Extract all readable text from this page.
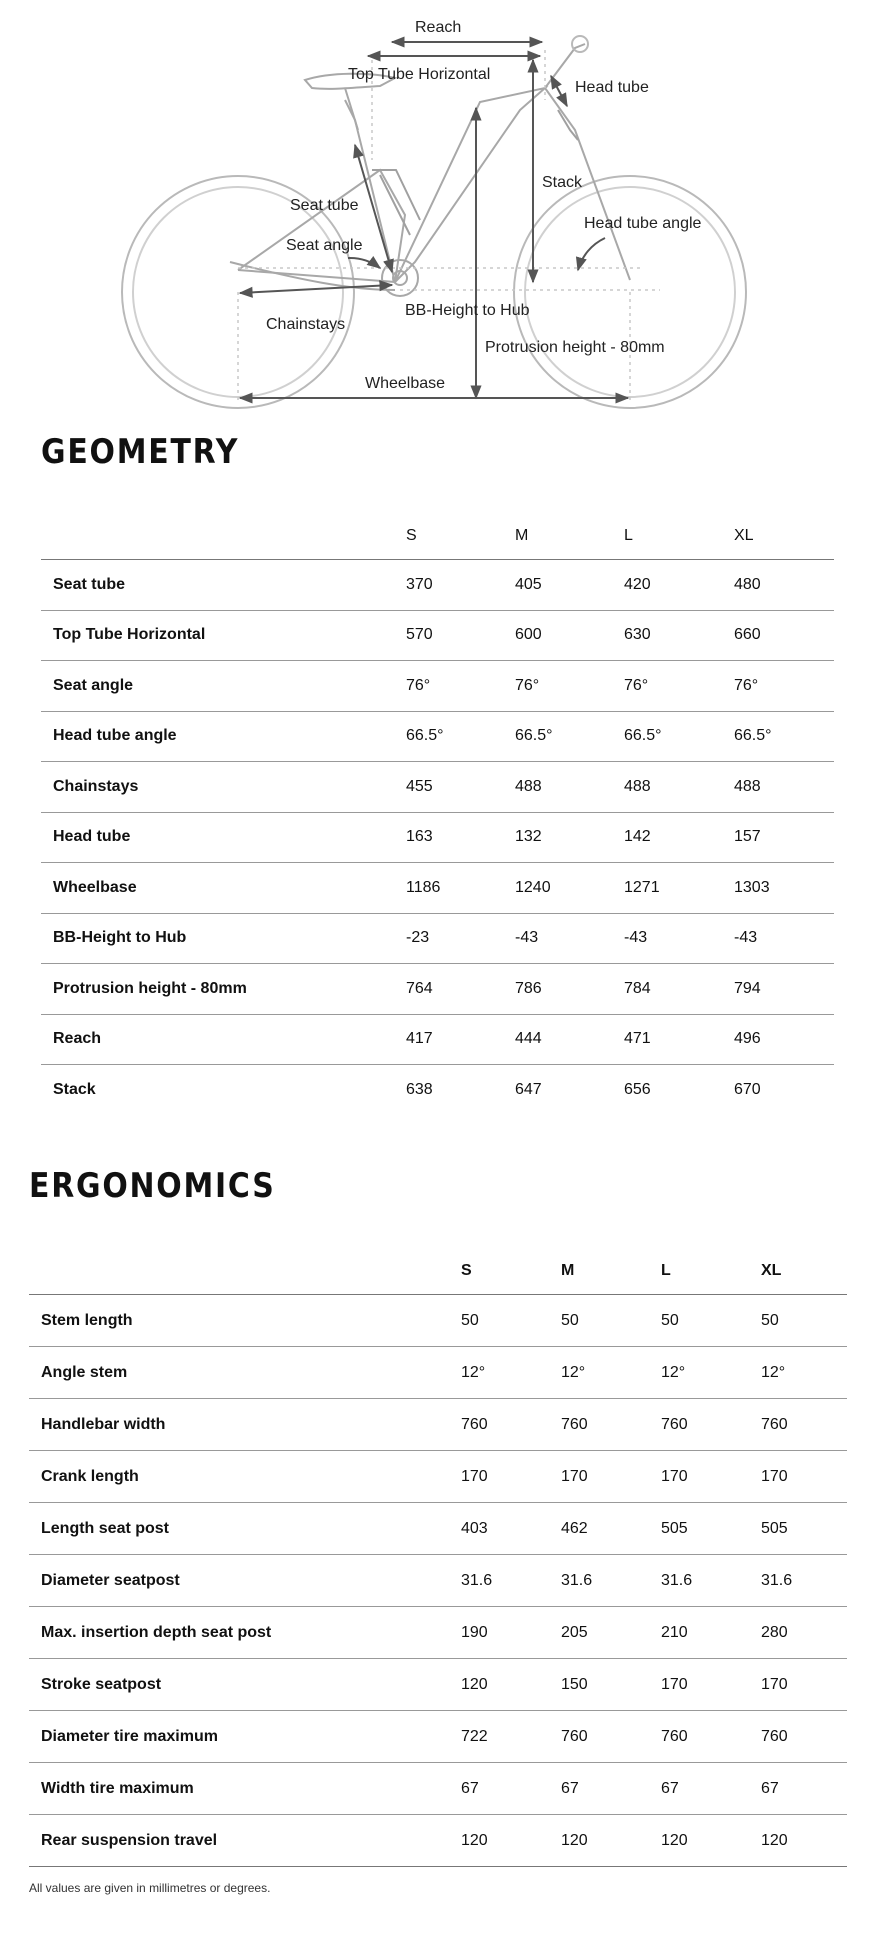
Reach
Top Tube Horizontal
Head tube
Stack
Seat tube
Seat angle
Head tube angle
Chainstays
BB-Height to Hub
Protrusion height - 80mm
Wheelbase
GEOMETRY
	S	M	L	XL
Seat tube	370	405	420	480
Top Tube Horizontal	570	600	630	660
Seat angle	76°	76°	76°	76°
Head tube angle	66.5°	66.5°	66.5°	66.5°
Chainstays	455	488	488	488
Head tube	163	132	142	157
Wheelbase	1186	1240	1271	1303
BB-Height to Hub	-23	-43	-43	-43
Protrusion height - 80mm	764	786	784	794
Reach	417	444	471	496
Stack	638	647	656	670
ERGONOMICS
	S	M	L	XL
Stem length	50	50	50	50
Angle stem	12°	12°	12°	12°
Handlebar width	760	760	760	760
Crank length	170	170	170	170
Length seat post	403	462	505	505
Diameter seatpost	31.6	31.6	31.6	31.6
Max. insertion depth seat post	190	205	210	280
Stroke seatpost	120	150	170	170
Diameter tire maximum	722	760	760	760
Width tire maximum	67	67	67	67
Rear suspension travel	120	120	120	120

All values are given in millimetres or degrees.
